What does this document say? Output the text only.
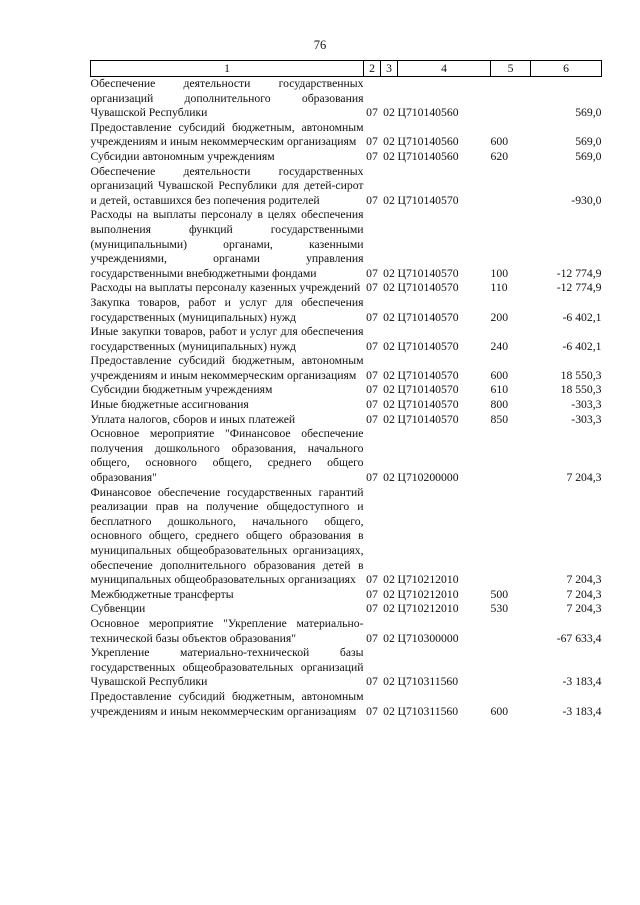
76
1	2	3	4	5	6
Обеспечение деятельности государственных организаций дополнительного образования Чувашской Республики	07	02	Ц710140560		569,0
Предоставление субсидий бюджетным, автономным учреждениям и иным некоммерческим организациям	07	02	Ц710140560	600	569,0
Субсидии автономным учреждениям	07	02	Ц710140560	620	569,0
Обеспечение деятельности государственных организаций Чувашской Республики для детей-сирот и детей, оставшихся без попечения родителей	07	02	Ц710140570		-930,0
Расходы на выплаты персоналу в целях обеспечения выполнения функций государственными (муниципальными) органами, казенными учреждениями, органами управления государственными внебюджетными фондами	07	02	Ц710140570	100	-12 774,9
Расходы на выплаты персоналу казенных учреждений	07	02	Ц710140570	110	-12 774,9
Закупка товаров, работ и услуг для обеспечения государственных (муниципальных) нужд	07	02	Ц710140570	200	-6 402,1
Иные закупки товаров, работ и услуг для обеспечения государственных (муниципальных) нужд	07	02	Ц710140570	240	-6 402,1
Предоставление субсидий бюджетным, автономным учреждениям и иным некоммерческим организациям	07	02	Ц710140570	600	18 550,3
Субсидии бюджетным учреждениям	07	02	Ц710140570	610	18 550,3
Иные бюджетные ассигнования	07	02	Ц710140570	800	-303,3
Уплата налогов, сборов и иных платежей	07	02	Ц710140570	850	-303,3
Основное мероприятие "Финансовое обеспечение получения дошкольного образования, начального общего, основного общего, среднего общего образования"	07	02	Ц710200000		7 204,3
Финансовое обеспечение государственных гарантий реализации прав на получение общедоступного и бесплатного дошкольного, начального общего, основного общего, среднего общего образования в муниципальных общеобразовательных организациях, обеспечение дополнительного образования детей в муниципальных общеобразовательных организациях	07	02	Ц710212010		7 204,3
Межбюджетные трансферты	07	02	Ц710212010	500	7 204,3
Субвенции	07	02	Ц710212010	530	7 204,3
Основное мероприятие "Укрепление материально-технической базы объектов образования"	07	02	Ц710300000		-67 633,4
Укрепление материально-технической базы государственных общеобразовательных организаций Чувашской Республики	07	02	Ц710311560		-3 183,4
Предоставление субсидий бюджетным, автономным учреждениям и иным некоммерческим организациям	07	02	Ц710311560	600	-3 183,4
